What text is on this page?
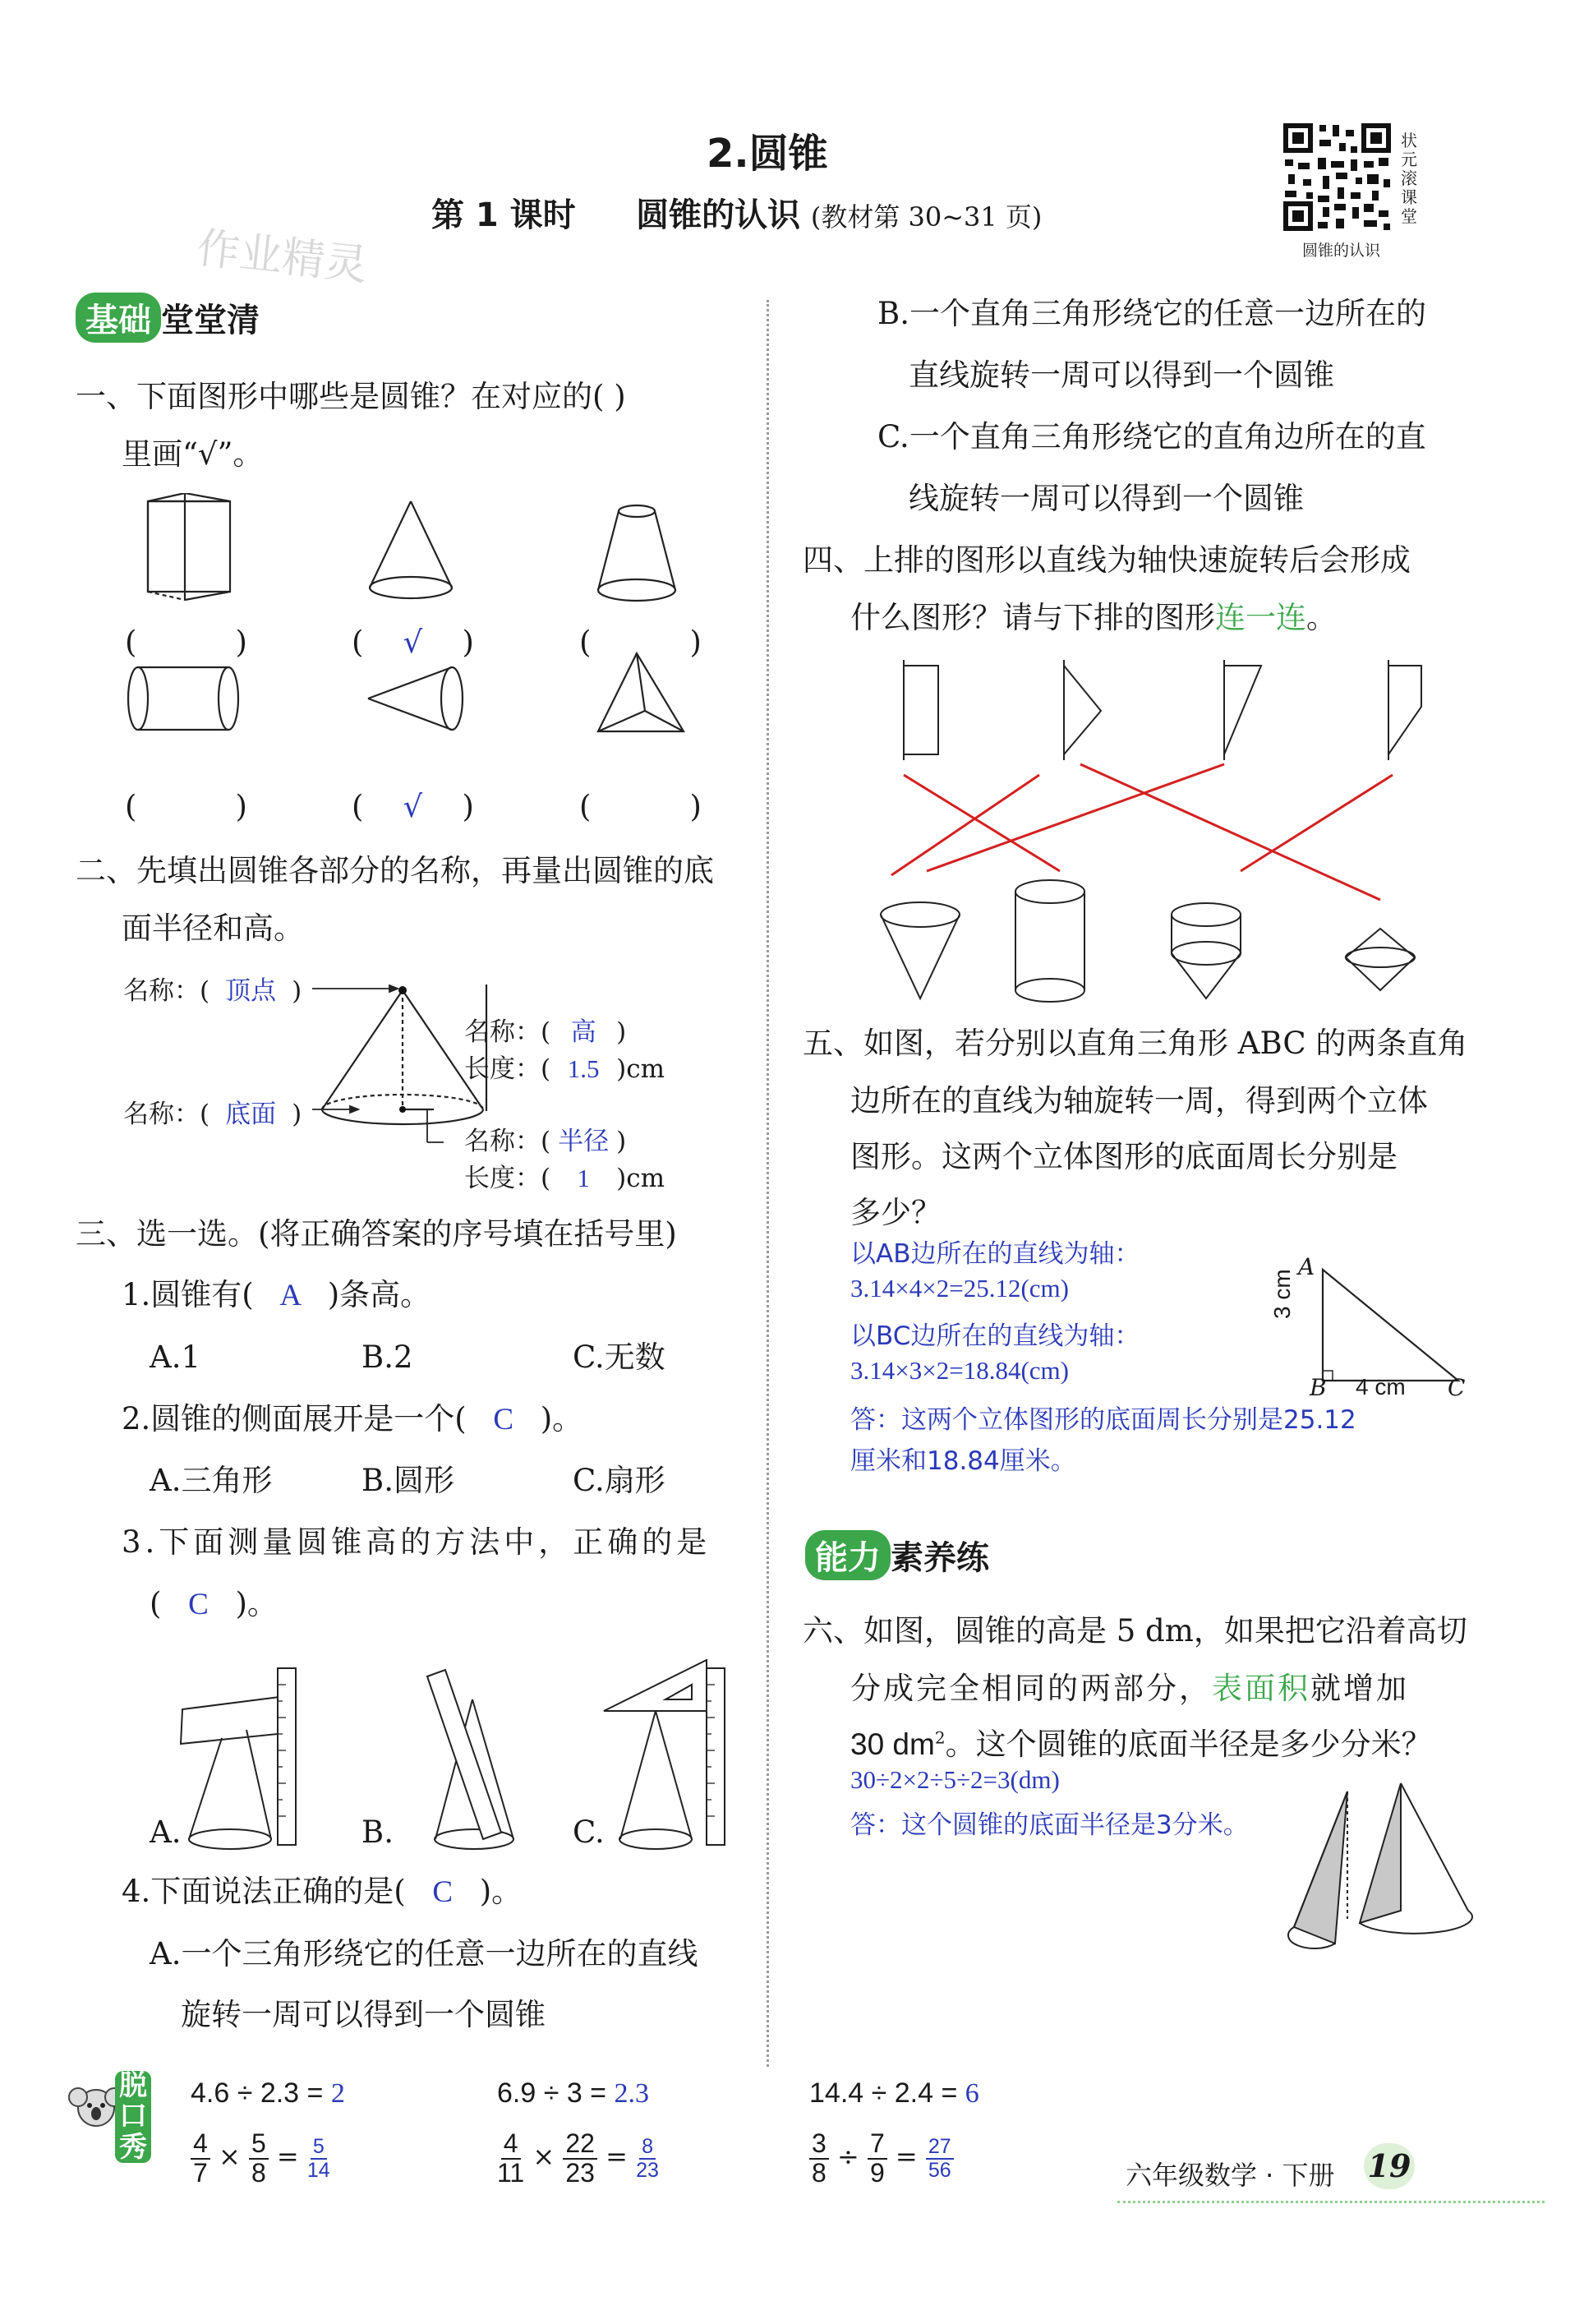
2.圆锥
第 1 课时 圆锥的认识 (教材第 30~31 页)
作业精灵
状元滚课堂
圆锥的认识
基础 堂堂清
一、下面图形中哪些是圆锥？在对应的( )
里画“√”。
(	)	( √ )	(	)
(	)	( √ )	(	)
二、先填出圆锥各部分的名称，再量出圆锥的底
面半径和高。
名称：( 顶点 )
名称：( 底面 )
名称：( 高 )
长度：( 1.5 )cm
名称：( 半径 )
长度：( 1 )cm
三、选一选。(将正确答案的序号填在括号里)
1.圆锥有( A )条高。
A.1	B.2	C.无数
2.圆锥的侧面展开是一个( C )。
A.三角形	B.圆形	C.扇形
3.下面测量圆锥高的方法中，正确的是
( C )。
A.	B.	C.
4.下面说法正确的是( C )。
A.一个三角形绕它的任意一边所在的直线
旋转一周可以得到一个圆锥
B.一个直角三角形绕它的任意一边所在的
直线旋转一周可以得到一个圆锥
C.一个直角三角形绕它的直角边所在的直
线旋转一周可以得到一个圆锥
四、上排的图形以直线为轴快速旋转后会形成
什么图形？请与下排的图形连一连。
五、如图，若分别以直角三角形 ABC 的两条直角
边所在的直线为轴旋转一周，得到两个立体
图形。这两个立体图形的底面周长分别是
多少？
以AB边所在的直线为轴：
3.14×4×2=25.12(cm)
以BC边所在的直线为轴：
3.14×3×2=18.84(cm)
答：这两个立体图形的底面周长分别是25.12
厘米和18.84厘米。
A
B	C
3 cm
4 cm
能力 素养练
六、如图，圆锥的高是 5 dm，如果把它沿着高切
分成完全相同的两部分，表面积就增加
30 $dm^2$。这个圆锥的底面半径是多少分米？
30÷2×2÷5÷2=3(dm)
答：这个圆锥的底面半径是3分米。
脱口秀
4.6 ÷ 2.3 = 2	6.9 ÷ 3 = 2.3	14.4 ÷ 2.4 = 6
$\frac{4}{7} \times \frac{5}{8} = \frac{5}{14}$	$\frac{4}{11} \times \frac{22}{23} = \frac{8}{23}$	$\frac{3}{8} \div \frac{7}{9} = \frac{27}{56}$	六年级数学 · 下册 19
